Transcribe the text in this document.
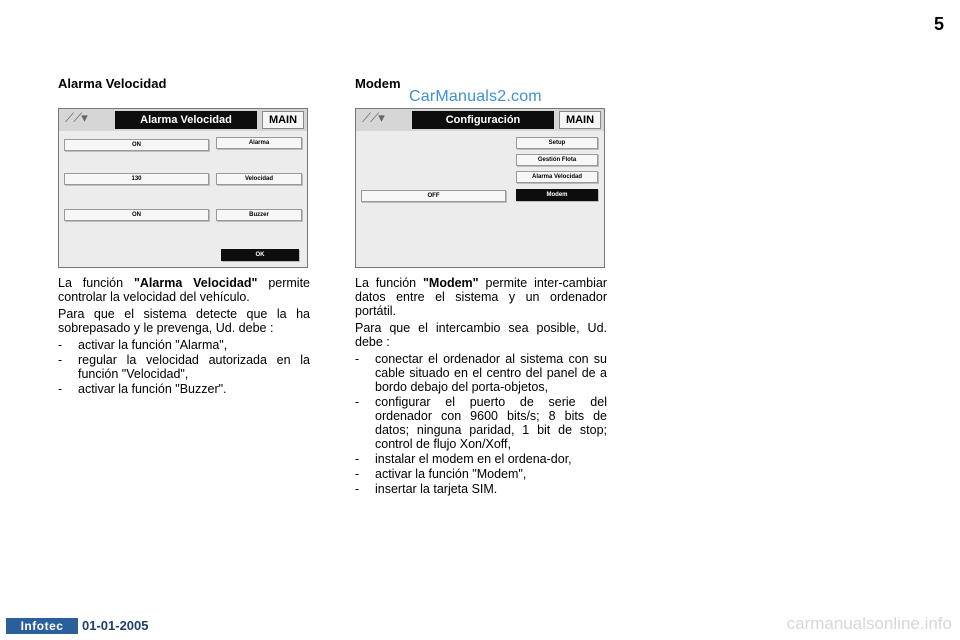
5
Alarma Velocidad
⟋⟋▾	Alarma Velocidad	MAIN
ON	Alarma
130	Velocidad
ON	Buzzer
OK

La función "Alarma Velocidad" permite controlar la velocidad del vehículo.

Para que el sistema detecte que la ha sobrepasado y le prevenga, Ud. debe :

- activar la función "Alarma",
- regular la velocidad autorizada en la función "Velocidad",
- activar la función "Buzzer".
Modem
CarManuals2.com
⟋⟋▾	Configuración	MAIN
Setup
Gestión Flota
Alarma Velocidad
OFF	Modem

La función "Modem" permite inter-cambiar datos entre el sistema y un ordenador portátil.

Para que el intercambio sea posible, Ud. debe :

- conectar el ordenador al sistema con su cable situado en el centro del panel de a bordo debajo del porta-objetos,
- configurar el puerto de serie del ordenador con 9600 bits/s; 8 bits de datos; ninguna paridad, 1 bit de stop; control de flujo Xon/Xoff,
- instalar el modem en el ordena-dor,
- activar la función "Modem",
- insertar la tarjeta SIM.
Infotec	01-01-2005	carmanualsonline.info
